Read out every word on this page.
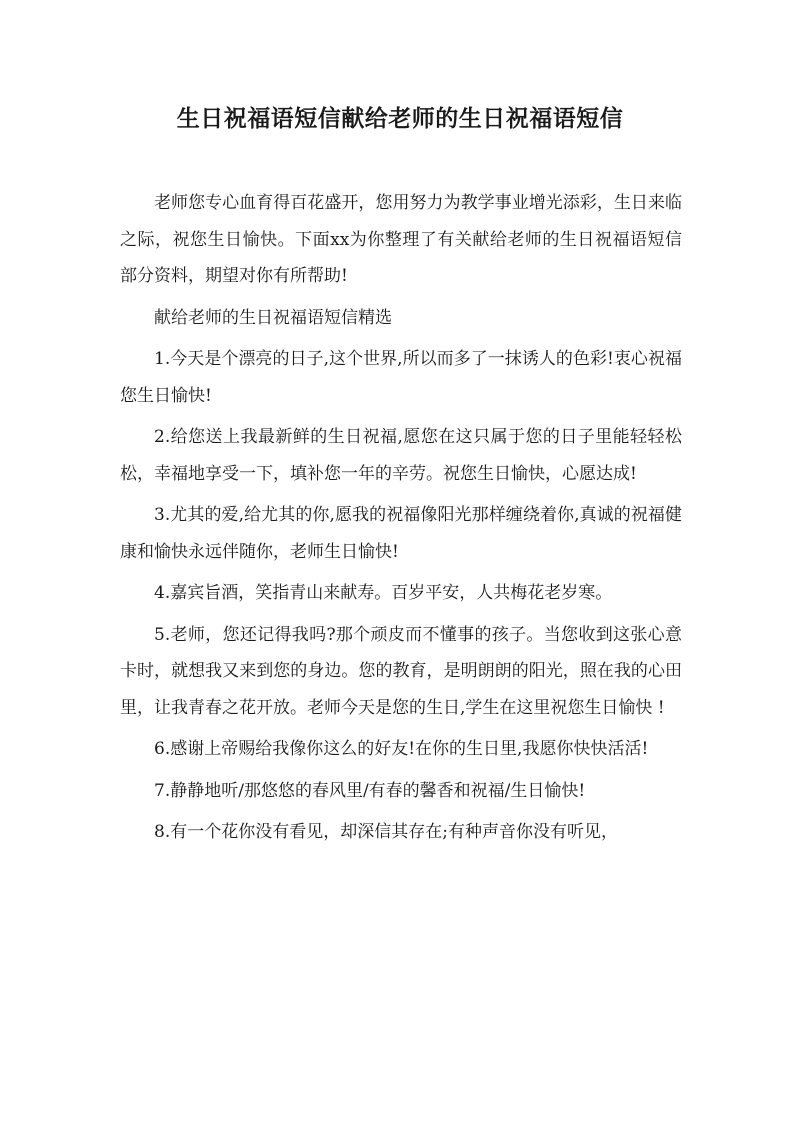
生日祝福语短信献给老师的生日祝福语短信

老师您专心血育得百花盛开，您用努力为教学事业增光添彩，生日来临之际，祝您生日愉快。下面xx为你整理了有关献给老师的生日祝福语短信部分资料，期望对你有所帮助!

献给老师的生日祝福语短信精选

1.今天是个漂亮的日子,这个世界,所以而多了一抹诱人的色彩!衷心祝福您生日愉快!

2.给您送上我最新鲜的生日祝福,愿您在这只属于您的日子里能轻轻松松，幸福地享受一下，填补您一年的辛劳。祝您生日愉快，心愿达成!

3.尤其的爱,给尤其的你,愿我的祝福像阳光那样缠绕着你,真诚的祝福健康和愉快永远伴随你，老师生日愉快!

4.嘉宾旨酒，笑指青山来献寿。百岁平安，人共梅花老岁寒。

5.老师，您还记得我吗?那个顽皮而不懂事的孩子。当您收到这张心意卡时，就想我又来到您的身边。您的教育，是明朗朗的阳光，照在我的心田里，让我青春之花开放。老师今天是您的生日,学生在这里祝您生日愉快 !

6.感谢上帝赐给我像你这么的好友!在你的生日里,我愿你快快活活!

7.静静地听/那悠悠的春风里/有春的馨香和祝福/生日愉快!

8.有一个花你没有看见，却深信其存在;有种声音你没有听见，
